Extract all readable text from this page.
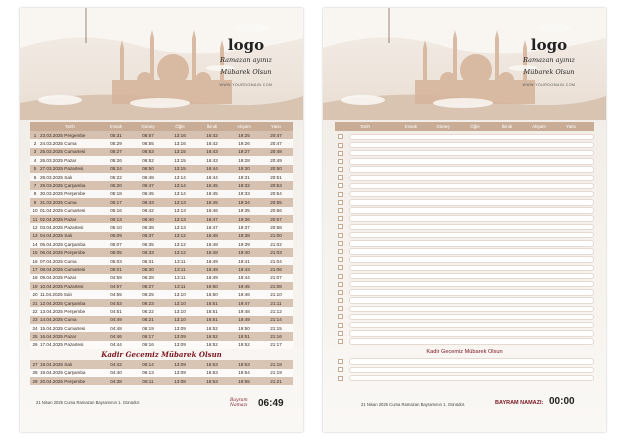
logo
Ramazan ayınız
Mübarek Olsun
WWW.YOURDOMAIN.COM
Tarih	İmsak	Güneş	Öğle	İkindi	Akşam	Yatsı
1 23.03.2025 Pergembe	05:31	06:57	13:16	16:42	19:25	20:47
2 24.03.2025 Cuma	05:29	06:55	13:16	16:42	19:26	20:47
3 25.03.2025 Cumartesi	05:27	06:53	13:15	16:43	19:27	20:48
4 26.03.2025 Pazar	05:26	06:52	13:15	16:43	19:28	20:49
5 27.03.2025 Pazartesi	05:24	06:50	13:15	16:44	19:30	20:50
6 28.03.2025 Salı	05:22	06:48	13:14	16:44	19:31	20:51
7 29.03.2025 Çarşamba	05:20	06:47	13:14	16:45	19:32	20:53
8 30.03.2025 Perşembe	05:18	06:45	13:14	16:45	19:33	20:54
9 31.03.2025 Cuma	05:17	06:43	13:13	16:45	19:34	20:55
10 01.04.2025 Cumartesi	05:16	06:42	13:13	16:46	19:35	20:56
11 02.04.2025 Pazar	05:13	06:40	13:13	16:47	19:36	20:57
12 03.04.2025 Pazartesi	05:10	06:38	13:13	16:47	19:37	20:58
13 04.04.2025 Salı	05:09	06:37	13:12	16:48	19:38	21:00
14 05.04.2025 Çarşamba	05:07	06:35	13:12	16:48	19:39	21:02
15 06.04.2025 Perşembe	05:05	06:33	13:12	16:48	19:40	21:03
16 07.04.2025 Cuma	05:03	06:31	13:11	16:49	19:41	21:04
17 08.04.2025 Cumartesi	05:01	06:30	13:11	16:49	19:43	21:06
18 09.04.2025 Pazar	04:59	06:28	13:11	16:49	19:44	21:07
19 10.04.2025 Pazartesi	04:57	06:27	13:11	16:50	19:45	21:08
20 11.04.2025 Salı	04:55	06:25	13:10	16:50	19:46	21:10
21 12.04.2025 Çarşamba	04:53	06:23	13:10	16:51	19:47	21:11
22 13.04.2025 Perşembe	04:51	06:22	13:10	16:51	19:48	21:12
23 14.04.2025 Cuma	04:49	06:21	13:10	16:51	19:49	21:14
24 15.04.2025 Cumartesi	04:48	06:19	13:09	16:52	19:50	21:15
25 16.04.2025 Pazar	04:46	06:17	13:09	16:52	19:51	21:16
26 17.04.2025 Pazartesi	04:44	06:16	13:09	16:52	19:52	21:17
Kadir Gecemiz Mübarek Olsun
27 18.04.2025 Salı	04:42	06:14	13:09	16:53	19:53	21:18
28 19.04.2025 Çarşamba	04:40	06:13	13:09	16:53	19:54	21:19
29 20.04.2025 Perşembe	04:38	06:11	13:08	16:53	19:55	21:21
21 Nisan 2025 Cuma Ramazan Bayramının 1. Günüdür.	Bayram
Namazı	06:49
logo
Ramazan ayınız
Mübarek Olsun
WWW.YOURDOMAIN.COM
Tarih	İmsak	Güneş	Öğle	İkindi	Akşam	Yatsı
Kadir Gecemiz Mübarek Olsun
21 Nisan 2025 Cuma Ramazan Bayramının 1. Günüdür.	BAYRAM NAMAZI: 00:00
